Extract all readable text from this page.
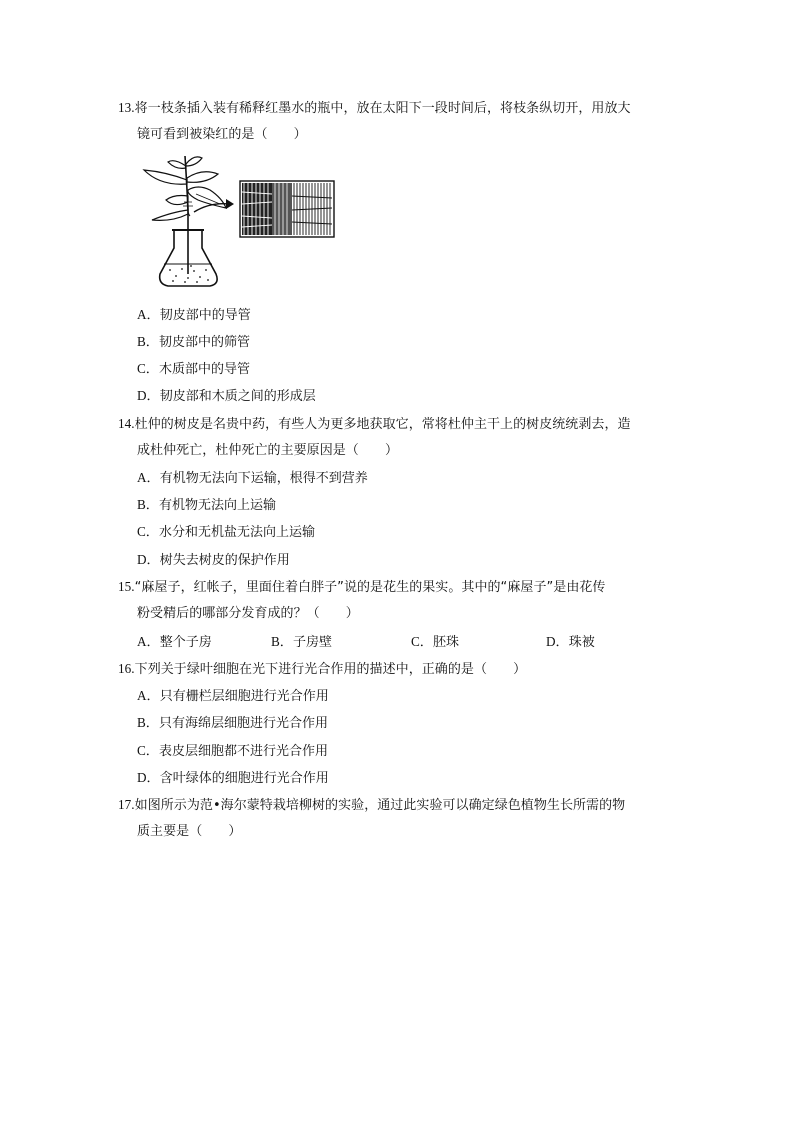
13.将一枝条插入装有稀释红墨水的瓶中，放在太阳下一段时间后，将枝条纵切开，用放大
镜可看到被染红的是（　　）
A．韧皮部中的导管
B．韧皮部中的筛管
C．木质部中的导管
D．韧皮部和木质之间的形成层
14.杜仲的树皮是名贵中药，有些人为更多地获取它，常将杜仲主干上的树皮统统剥去，造
成杜仲死亡，杜仲死亡的主要原因是（　　）
A．有机物无法向下运输，根得不到营养
B．有机物无法向上运输
C．水分和无机盐无法向上运输
D．树失去树皮的保护作用
15.“麻屋子，红帐子，里面住着白胖子”说的是花生的果实。其中的“麻屋子”是由花传
粉受精后的哪部分发育成的？（　　）
A．整个子房	B．子房壁	C．胚珠	D．珠被
16.下列关于绿叶细胞在光下进行光合作用的描述中，正确的是（　　）
A．只有栅栏层细胞进行光合作用
B．只有海绵层细胞进行光合作用
C．表皮层细胞都不进行光合作用
D．含叶绿体的细胞进行光合作用
17.如图所示为范•海尔蒙特栽培柳树的实验，通过此实验可以确定绿色植物生长所需的物
质主要是（　　）
